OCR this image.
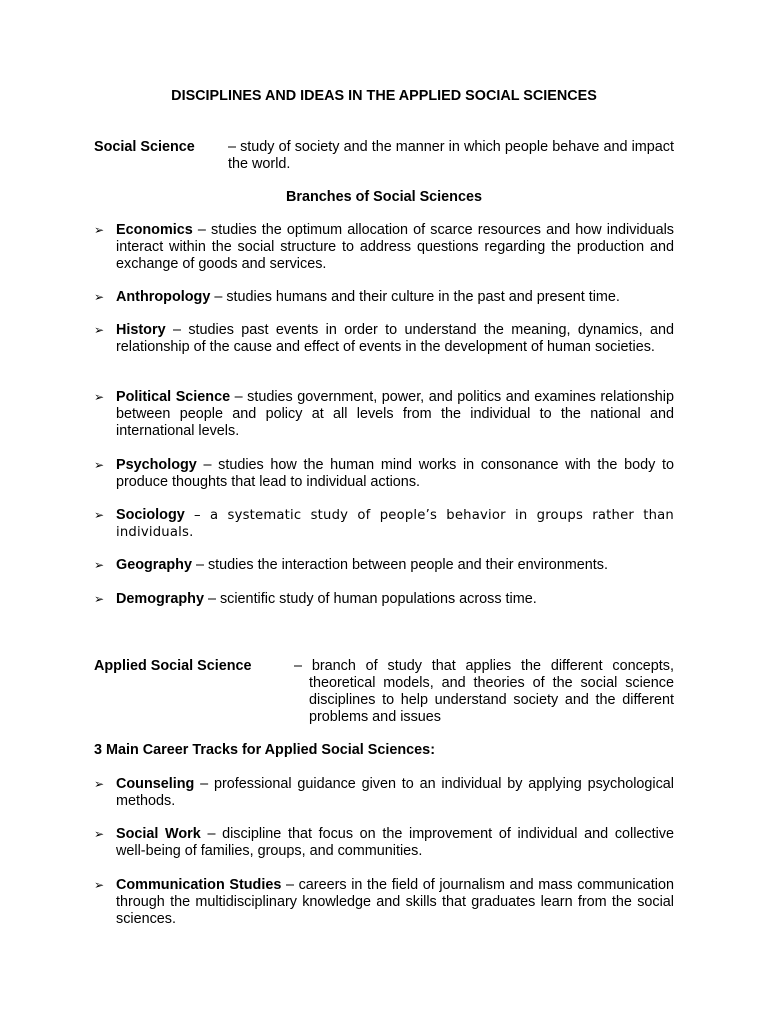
DISCIPLINES AND IDEAS IN THE APPLIED SOCIAL SCIENCES
Social Science	– study of society and the manner in which people behave and impact the world.
Branches of Social Sciences
➢ Economics – studies the optimum allocation of scarce resources and how individuals interact within the social structure to address questions regarding the production and exchange of goods and services.
➢ Anthropology – studies humans and their culture in the past and present time.
➢ History – studies past events in order to understand the meaning, dynamics, and relationship of the cause and effect of events in the development of human societies.
➢ Political Science – studies government, power, and politics and examines relationship between people and policy at all levels from the individual to the national and international levels.
➢ Psychology – studies how the human mind works in consonance with the body to produce thoughts that lead to individual actions.
➢ Sociology – a systematic study of people’s behavior in groups rather than individuals.
➢ Geography – studies the interaction between people and their environments.
➢ Demography – scientific study of human populations across time.
Applied Social Science	– branch of study that applies the different concepts, theoretical models, and theories of the social science disciplines to help understand society and the different problems and issues
3 Main Career Tracks for Applied Social Sciences:
➢ Counseling – professional guidance given to an individual by applying psychological methods.
➢ Social Work – discipline that focus on the improvement of individual and collective well-being of families, groups, and communities.
➢ Communication Studies – careers in the field of journalism and mass communication through the multidisciplinary knowledge and skills that graduates learn from the social sciences.
